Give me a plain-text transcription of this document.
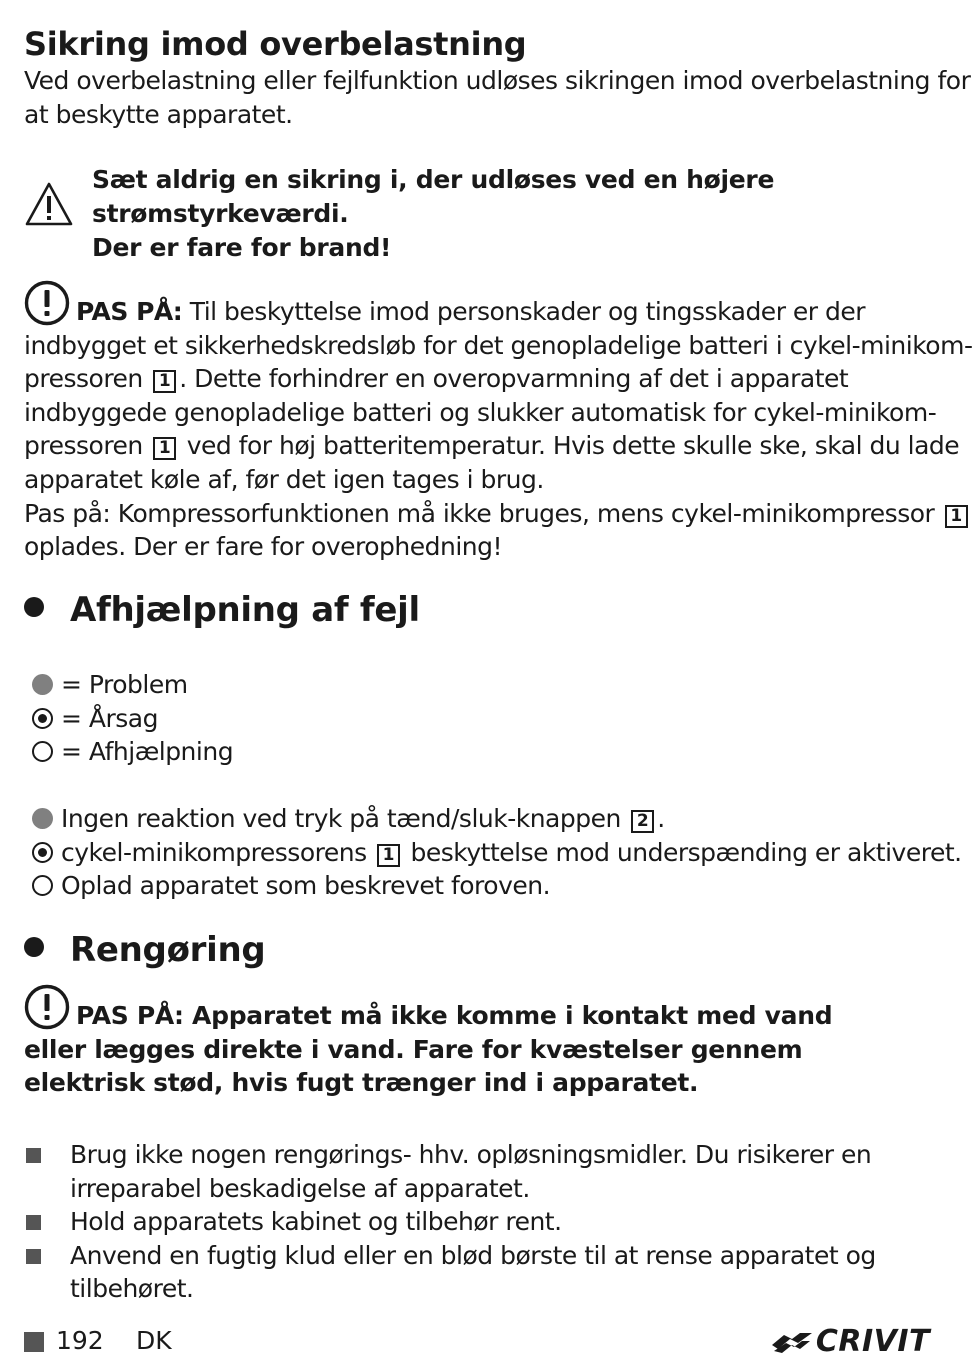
Sikring imod overbelastning

Ved overbelastning eller fejlfunktion udløses sikringen imod overbelastning for
at beskytte apparatet.

Sæt aldrig en sikring i, der udløses ved en højere
strømstyrkeværdi.
Der er fare for brand!
PAS PÅ: Til beskyttelse imod personskader og tingsskader er der
indbygget et sikkerhedskredsløb for det genopladelige batteri i cykel-minikom-
pressoren 1 . Dette forhindrer en overopvarmning af det i apparatet
indbyggede genopladelige batteri og slukker automatisk for cykel-minikom-
pressoren 1 ved for høj batteritemperatur. Hvis dette skulle ske, skal du lade
apparatet køle af, før det igen tages i brug.
Pas på: Kompressorfunktionen må ikke bruges, mens cykel-minikompressor 1
oplades. Der er fare for overophedning!
Afhjælpning af fejl
= Problem
= Årsag
= Afhjælpning
Ingen reaktion ved tryk på tænd/sluk-knappen 2 .
cykel-minikompressorens 1 beskyttelse mod underspænding er aktiveret.
Oplad apparatet som beskrevet foroven.
Rengøring
PAS PÅ: Apparatet må ikke komme i kontakt med vand
eller lægges direkte i vand. Fare for kvæstelser gennem
elektrisk stød, hvis fugt trænger ind i apparatet.
Brug ikke nogen rengørings- hhv. opløsningsmidler. Du risikerer en
irreparabel beskadigelse af apparatet.
Hold apparatets kabinet og tilbehør rent.
Anvend en fugtig klud eller en blød børste til at rense apparatet og
tilbehøret.
192 DK	CRIVIT
